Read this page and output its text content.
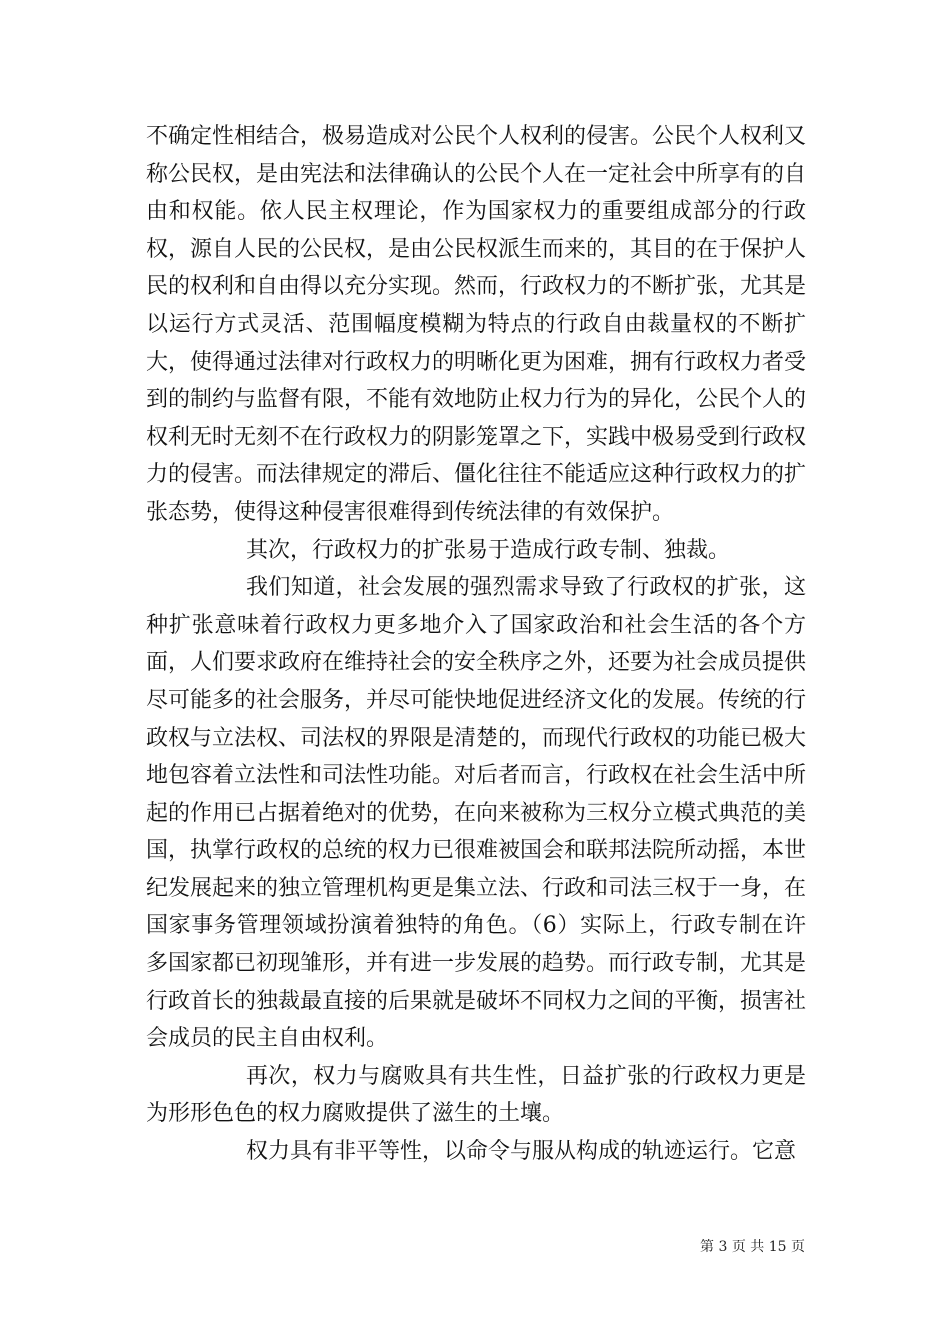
不确定性相结合，极易造成对公民个人权利的侵害。公民个人权利又称公民权，是由宪法和法律确认的公民个人在一定社会中所享有的自由和权能。依人民主权理论，作为国家权力的重要组成部分的行政权，源自人民的公民权，是由公民权派生而来的，其目的在于保护人民的权利和自由得以充分实现。然而，行政权力的不断扩张，尤其是以运行方式灵活、范围幅度模糊为特点的行政自由裁量权的不断扩大，使得通过法律对行政权力的明晰化更为困难，拥有行政权力者受到的制约与监督有限，不能有效地防止权力行为的异化，公民个人的权利无时无刻不在行政权力的阴影笼罩之下，实践中极易受到行政权力的侵害。而法律规定的滞后、僵化往往不能适应这种行政权力的扩张态势，使得这种侵害很难得到传统法律的有效保护。

其次，行政权力的扩张易于造成行政专制、独裁。

我们知道，社会发展的强烈需求导致了行政权的扩张，这种扩张意味着行政权力更多地介入了国家政治和社会生活的各个方面，人们要求政府在维持社会的安全秩序之外，还要为社会成员提供尽可能多的社会服务，并尽可能快地促进经济文化的发展。传统的行政权与立法权、司法权的界限是清楚的，而现代行政权的功能已极大地包容着立法性和司法性功能。对后者而言，行政权在社会生活中所起的作用已占据着绝对的优势，在向来被称为三权分立模式典范的美国，执掌行政权的总统的权力已很难被国会和联邦法院所动摇，本世纪发展起来的独立管理机构更是集立法、行政和司法三权于一身，在国家事务管理领域扮演着独特的角色。（6）实际上，行政专制在许多国家都已初现雏形，并有进一步发展的趋势。而行政专制，尤其是行政首长的独裁最直接的后果就是破坏不同权力之间的平衡，损害社会成员的民主自由权利。

再次，权力与腐败具有共生性，日益扩张的行政权力更是为形形色色的权力腐败提供了滋生的土壤。

权力具有非平等性，以命令与服从构成的轨迹运行。它意

第 3 页 共 15 页
